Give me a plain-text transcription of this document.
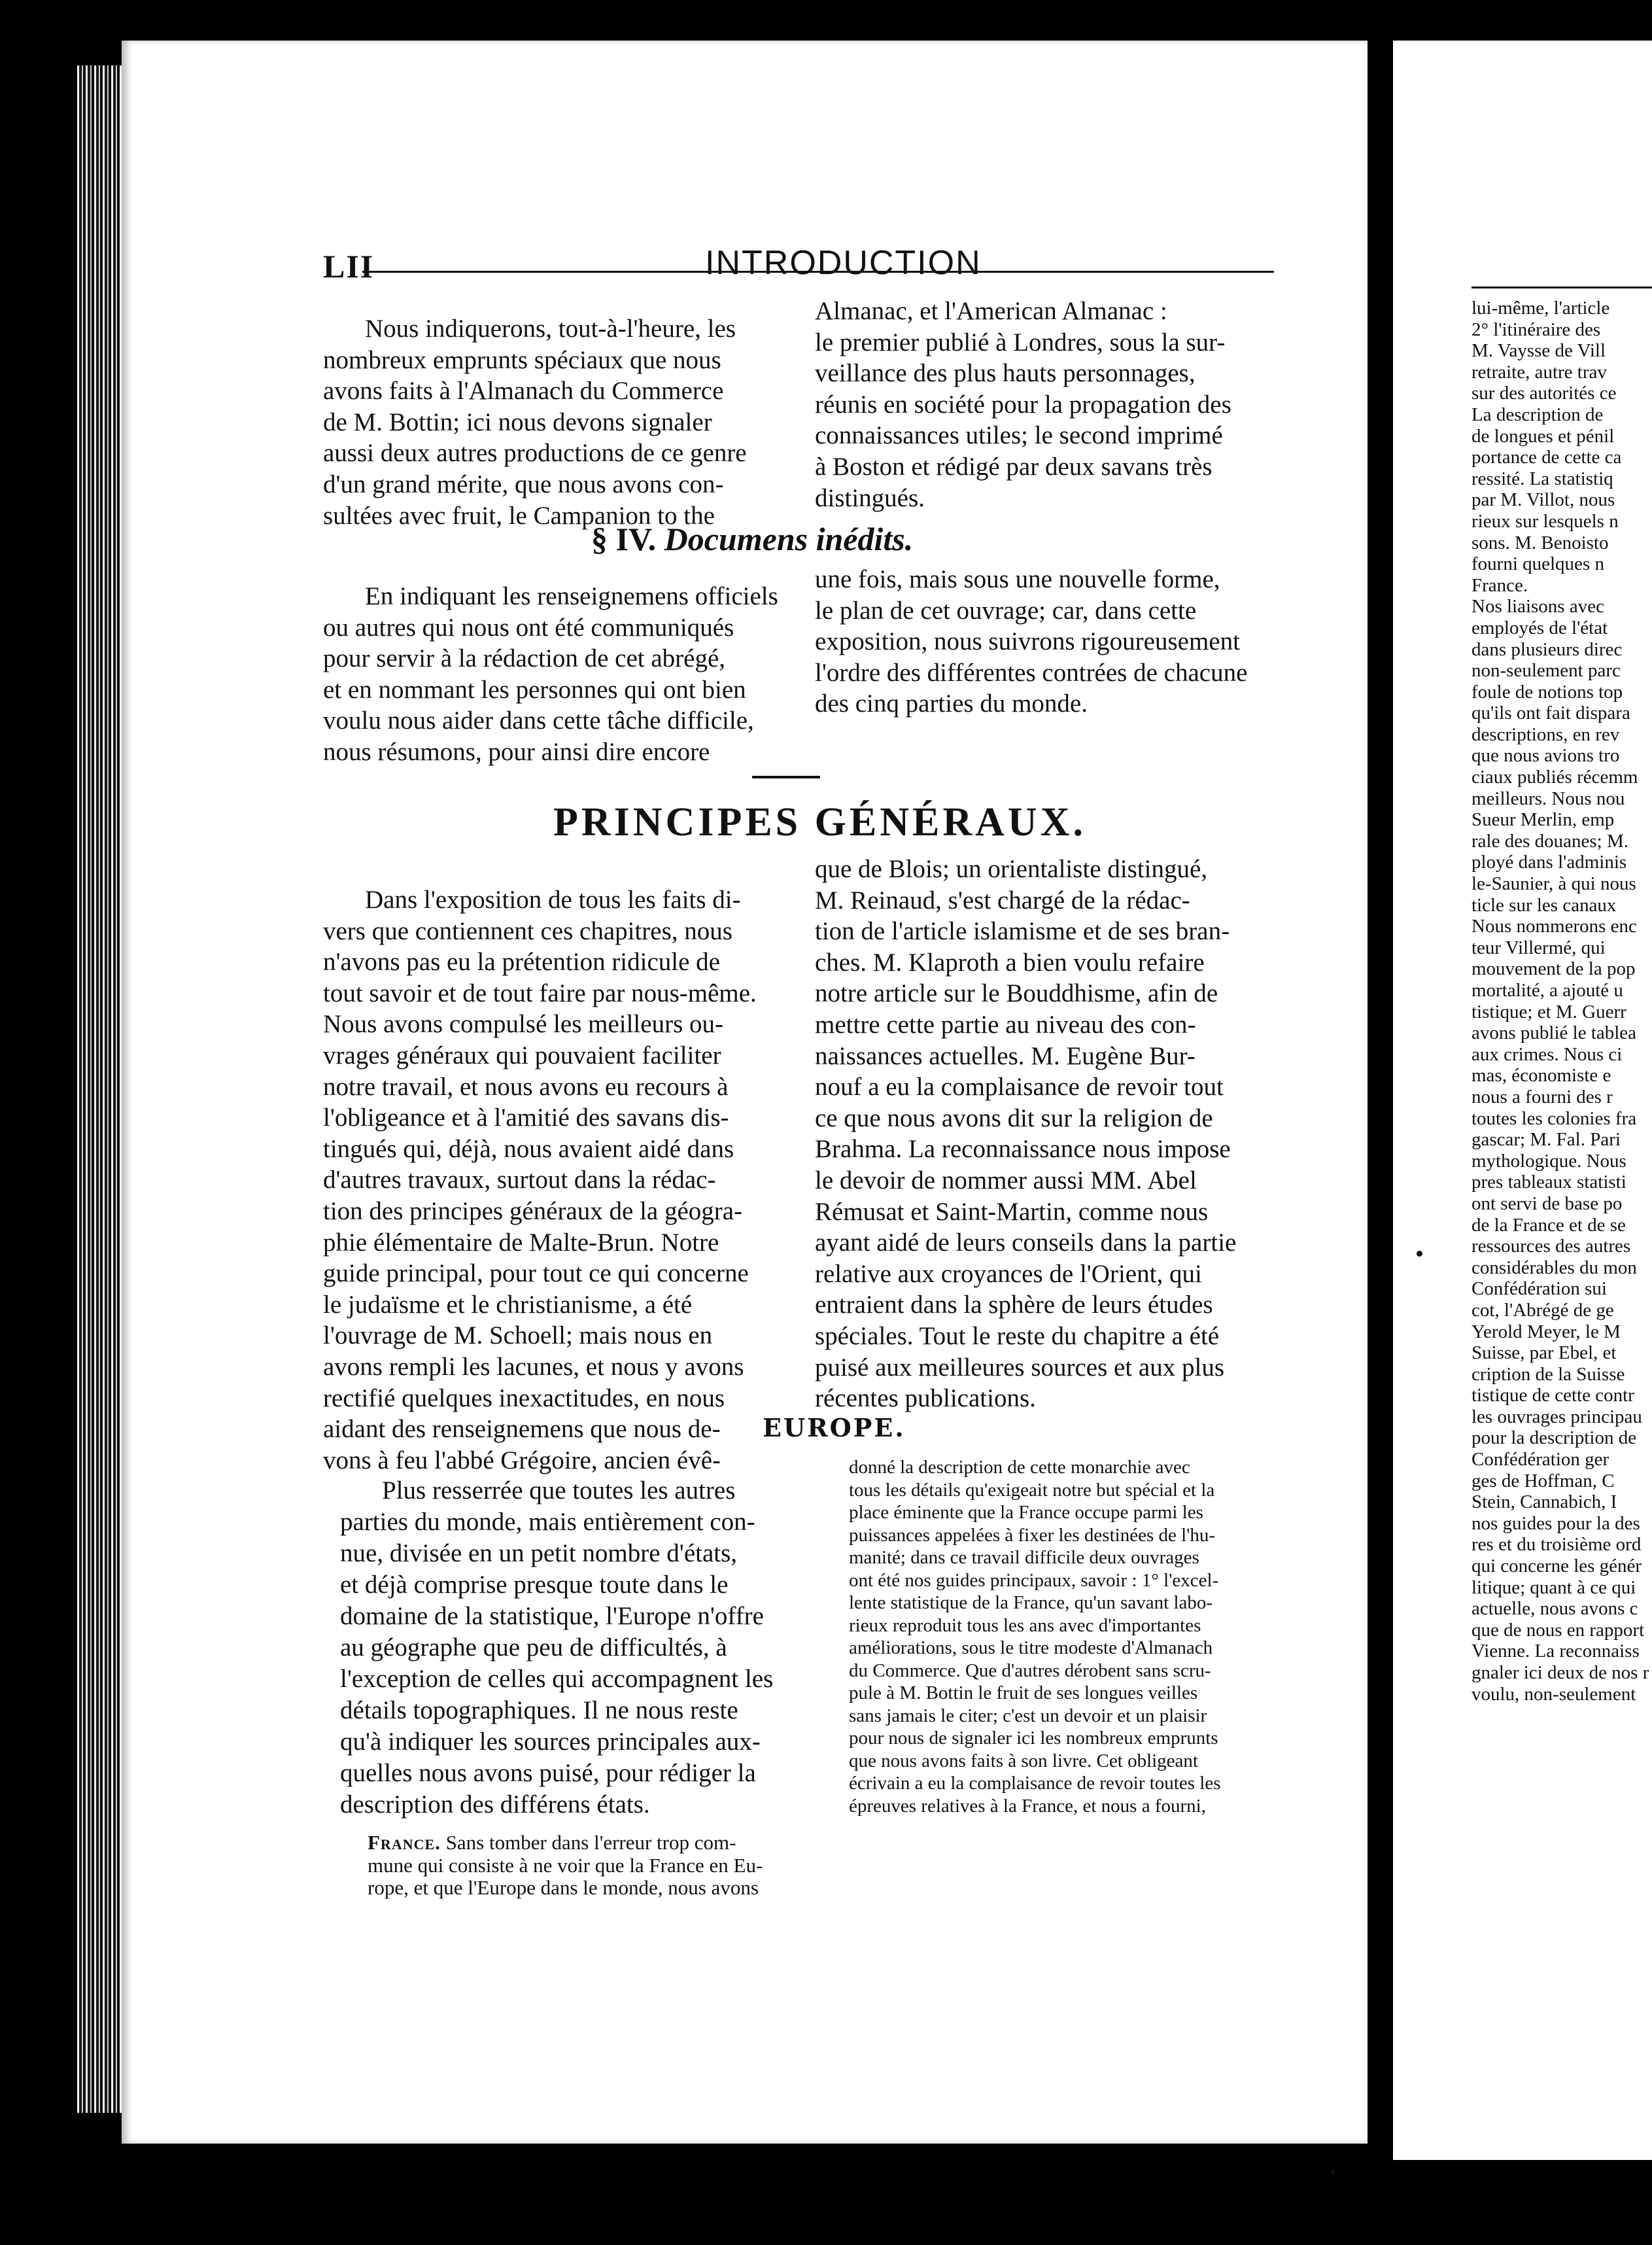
LII	INTRODUCTION

Nous indiquerons, tout-à-l'heure, les

nombreux emprunts spéciaux que nous

avons faits à l'Almanach du Commerce

de M. Bottin; ici nous devons signaler

aussi deux autres productions de ce genre

d'un grand mérite, que nous avons con-

sultées avec fruit, le Campanion to the

Almanac, et l'American Almanac :

le premier publié à Londres, sous la sur-

veillance des plus hauts personnages,

réunis en société pour la propagation des

connaissances utiles; le second imprimé

à Boston et rédigé par deux savans très

distingués.

§ IV. Documens inédits.

En indiquant les renseignemens officiels

ou autres qui nous ont été communiqués

pour servir à la rédaction de cet abrégé,

et en nommant les personnes qui ont bien

voulu nous aider dans cette tâche difficile,

nous résumons, pour ainsi dire encore

une fois, mais sous une nouvelle forme,

le plan de cet ouvrage; car, dans cette

exposition, nous suivrons rigoureusement

l'ordre des différentes contrées de chacune

des cinq parties du monde.

PRINCIPES GÉNÉRAUX.

Dans l'exposition de tous les faits di-

vers que contiennent ces chapitres, nous

n'avons pas eu la prétention ridicule de

tout savoir et de tout faire par nous-même.

Nous avons compulsé les meilleurs ou-

vrages généraux qui pouvaient faciliter

notre travail, et nous avons eu recours à

l'obligeance et à l'amitié des savans dis-

tingués qui, déjà, nous avaient aidé dans

d'autres travaux, surtout dans la rédac-

tion des principes généraux de la géogra-

phie élémentaire de Malte-Brun. Notre

guide principal, pour tout ce qui concerne

le judaïsme et le christianisme, a été

l'ouvrage de M. Schoell; mais nous en

avons rempli les lacunes, et nous y avons

rectifié quelques inexactitudes, en nous

aidant des renseignemens que nous de-

vons à feu l'abbé Grégoire, ancien évê-

que de Blois; un orientaliste distingué,

M. Reinaud, s'est chargé de la rédac-

tion de l'article islamisme et de ses bran-

ches. M. Klaproth a bien voulu refaire

notre article sur le Bouddhisme, afin de

mettre cette partie au niveau des con-

naissances actuelles. M. Eugène Bur-

nouf a eu la complaisance de revoir tout

ce que nous avons dit sur la religion de

Brahma. La reconnaissance nous impose

le devoir de nommer aussi MM. Abel

Rémusat et Saint-Martin, comme nous

ayant aidé de leurs conseils dans la partie

relative aux croyances de l'Orient, qui

entraient dans la sphère de leurs études

spéciales. Tout le reste du chapitre a été

puisé aux meilleures sources et aux plus

récentes publications.

EUROPE.

Plus resserrée que toutes les autres

parties du monde, mais entièrement con-

nue, divisée en un petit nombre d'états,

et déjà comprise presque toute dans le

domaine de la statistique, l'Europe n'offre

au géographe que peu de difficultés, à

l'exception de celles qui accompagnent les

détails topographiques. Il ne nous reste

qu'à indiquer les sources principales aux-

quelles nous avons puisé, pour rédiger la

description des différens états.

France. Sans tomber dans l'erreur trop com-

mune qui consiste à ne voir que la France en Eu-

rope, et que l'Europe dans le monde, nous avons

donné la description de cette monarchie avec

tous les détails qu'exigeait notre but spécial et la

place éminente que la France occupe parmi les

puissances appelées à fixer les destinées de l'hu-

manité; dans ce travail difficile deux ouvrages

ont été nos guides principaux, savoir : 1° l'excel-

lente statistique de la France, qu'un savant labo-

rieux reproduit tous les ans avec d'importantes

améliorations, sous le titre modeste d'Almanach

du Commerce. Que d'autres dérobent sans scru-

pule à M. Bottin le fruit de ses longues veilles

sans jamais le citer; c'est un devoir et un plaisir

pour nous de signaler ici les nombreux emprunts

que nous avons faits à son livre. Cet obligeant

écrivain a eu la complaisance de revoir toutes les

épreuves relatives à la France, et nous a fourni,

lui-même, l'article
2° l'itinéraire des
M. Vaysse de Vill
retraite, autre trav
sur des autorités ce
La description de
de longues et pénil
portance de cette ca
ressité. La statistiq
par M. Villot, nous
rieux sur lesquels n
sons. M. Benoisto
fourni quelques n
France.
Nos liaisons avec
employés de l'état
dans plusieurs direc
non-seulement parc
foule de notions top
qu'ils ont fait dispara
descriptions, en rev
que nous avions tro
ciaux publiés récemm
meilleurs. Nous nou
Sueur Merlin, emp
rale des douanes; M.
ployé dans l'adminis
le-Saunier, à qui nous
ticle sur les canaux
Nous nommerons enc
teur Villermé, qui
mouvement de la pop
mortalité, a ajouté u
tistique; et M. Guerr
avons publié le tablea
aux crimes. Nous ci
mas, économiste e
nous a fourni des r
toutes les colonies fra
gascar; M. Fal. Pari
mythologique. Nous
pres tableaux statisti
ont servi de base po
de la France et de se
ressources des autres
considérables du mon
Confédération sui
cot, l'Abrégé de ge
Yerold Meyer, le M
Suisse, par Ebel, et
cription de la Suisse
tistique de cette contr
les ouvrages principau
pour la description de
Confédération ger
ges de Hoffman, C
Stein, Cannabich, I
nos guides pour la des
res et du troisième ord
qui concerne les génér
litique; quant à ce qui
actuelle, nous avons c
que de nous en rapport
Vienne. La reconnaiss
gnaler ici deux de nos r
voulu, non-seulement
